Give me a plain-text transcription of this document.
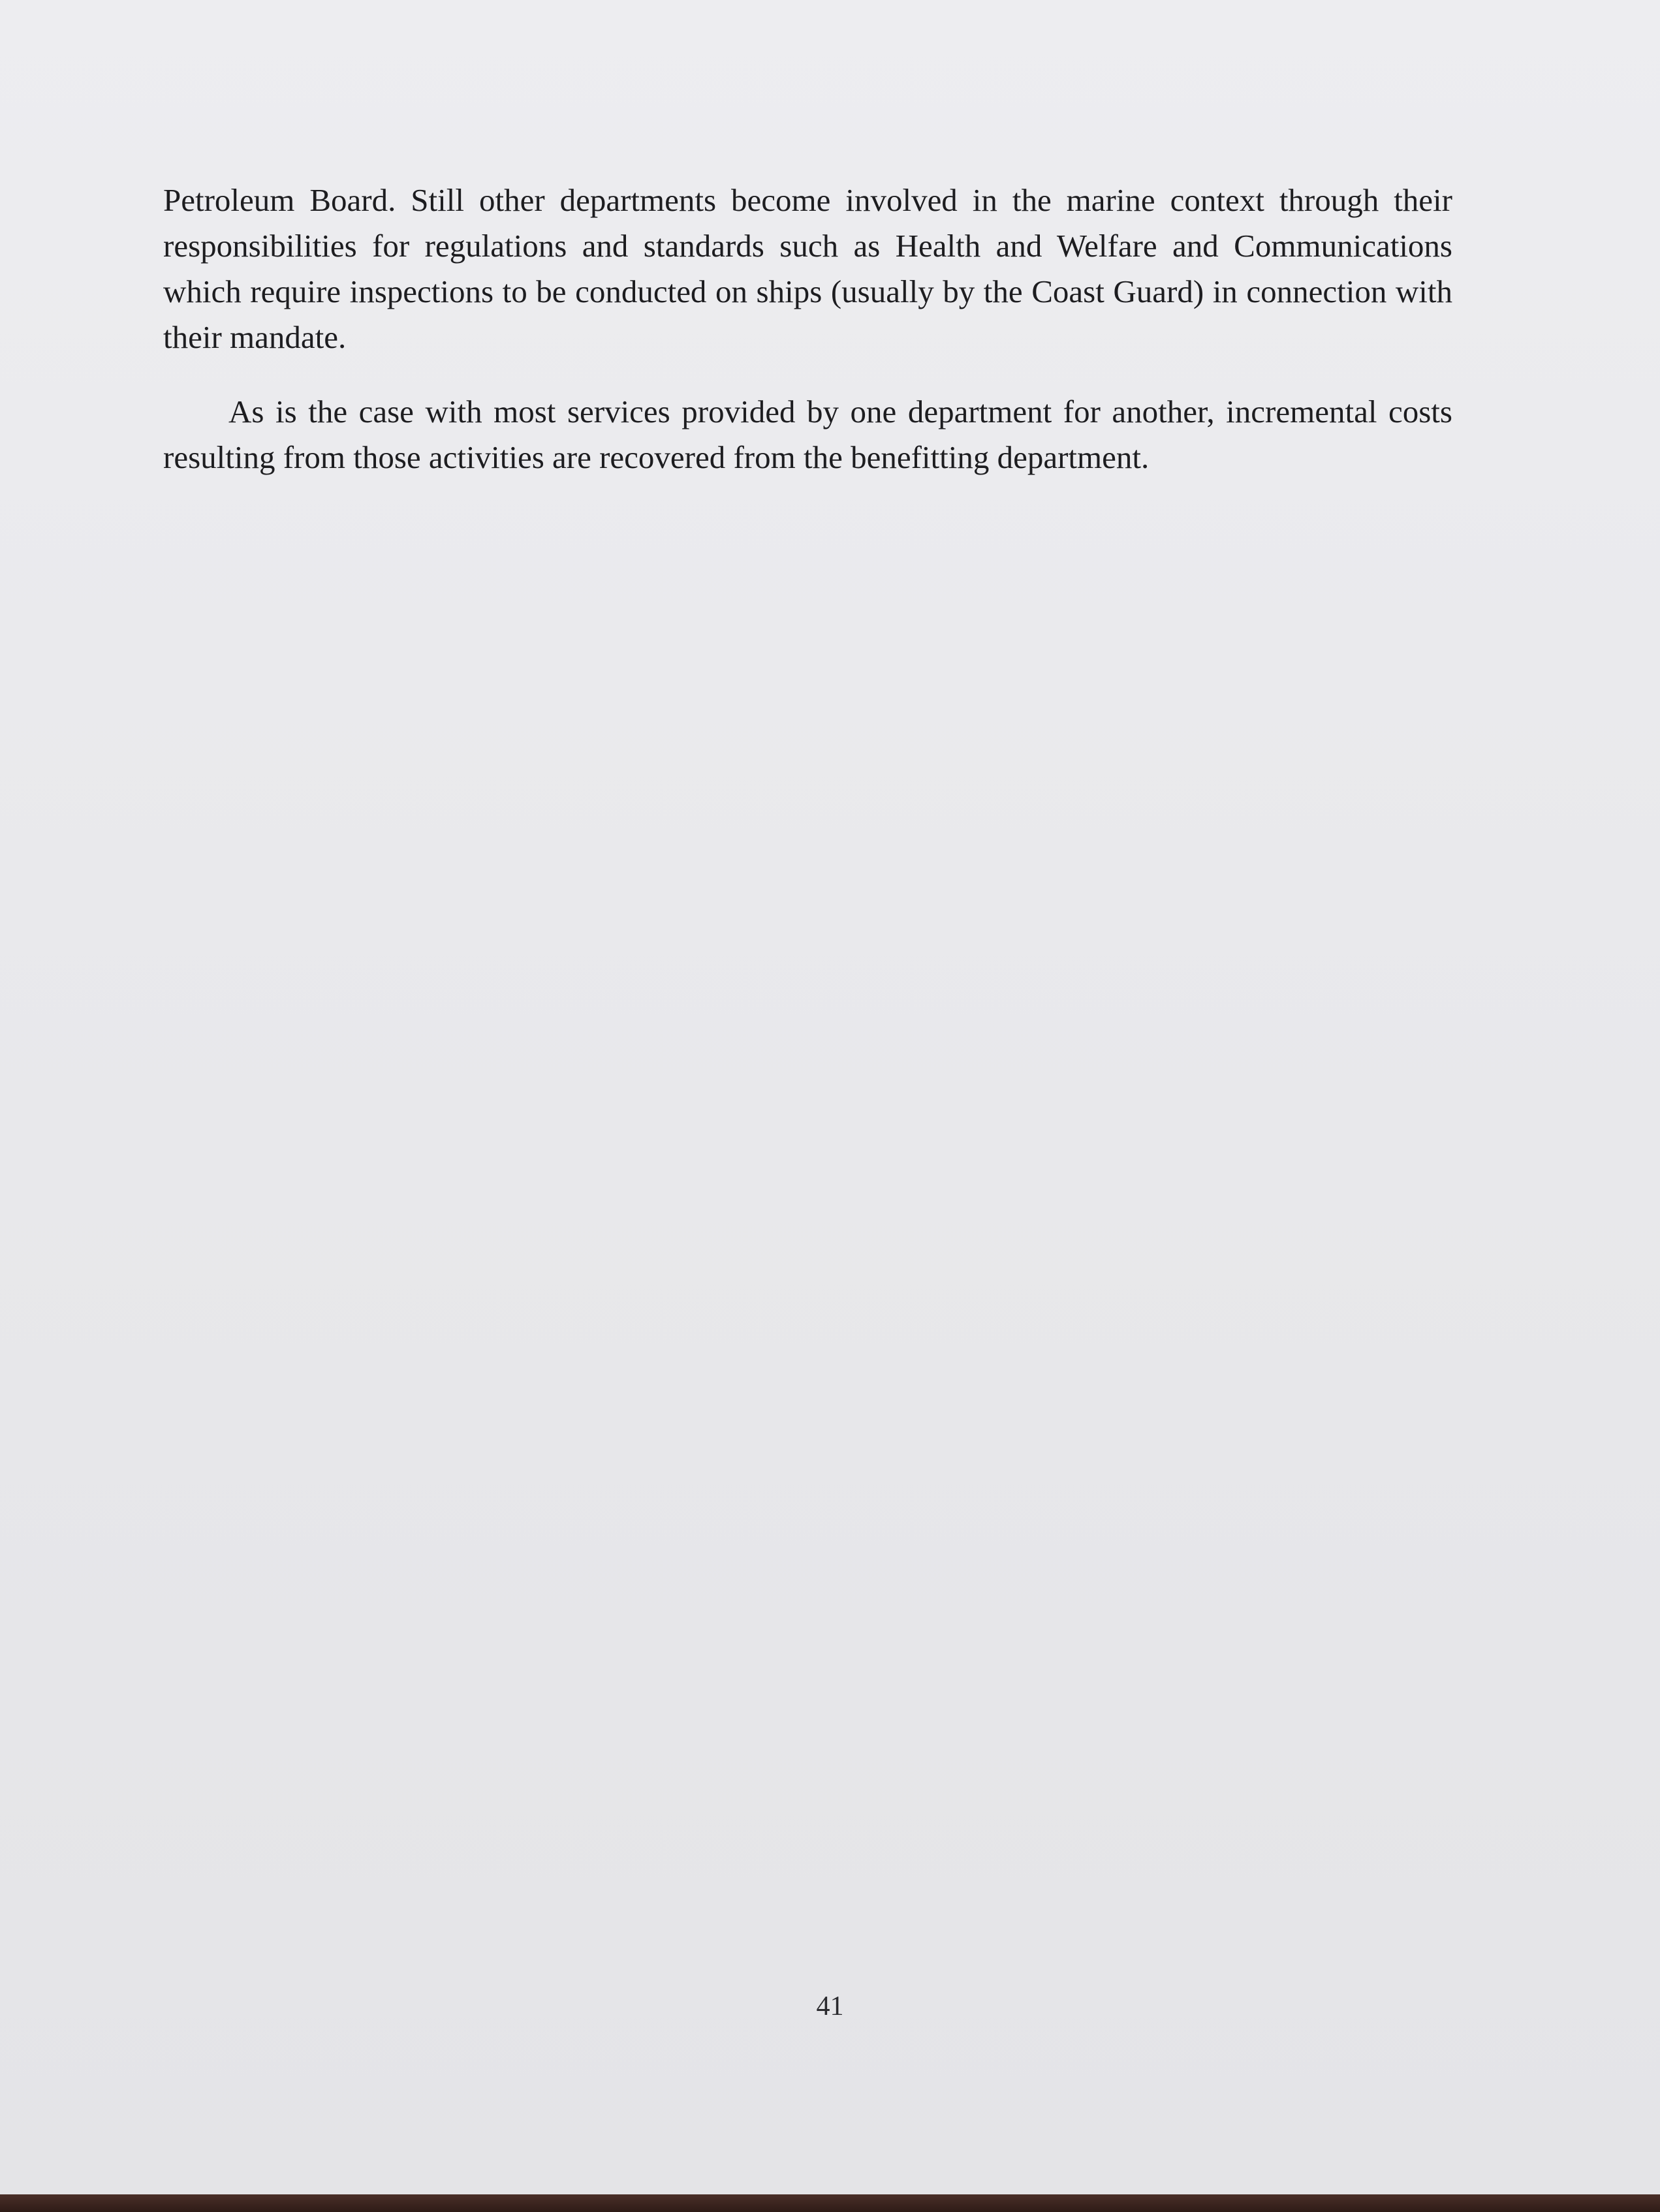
Petroleum Board. Still other departments become involved in the marine context through their responsibilities for regulations and standards such as Health and Welfare and Communications which require inspections to be conducted on ships (usually by the Coast Guard) in connection with their mandate.

As is the case with most services provided by one department for another, incremental costs resulting from those activities are recovered from the benefitting department.

41
